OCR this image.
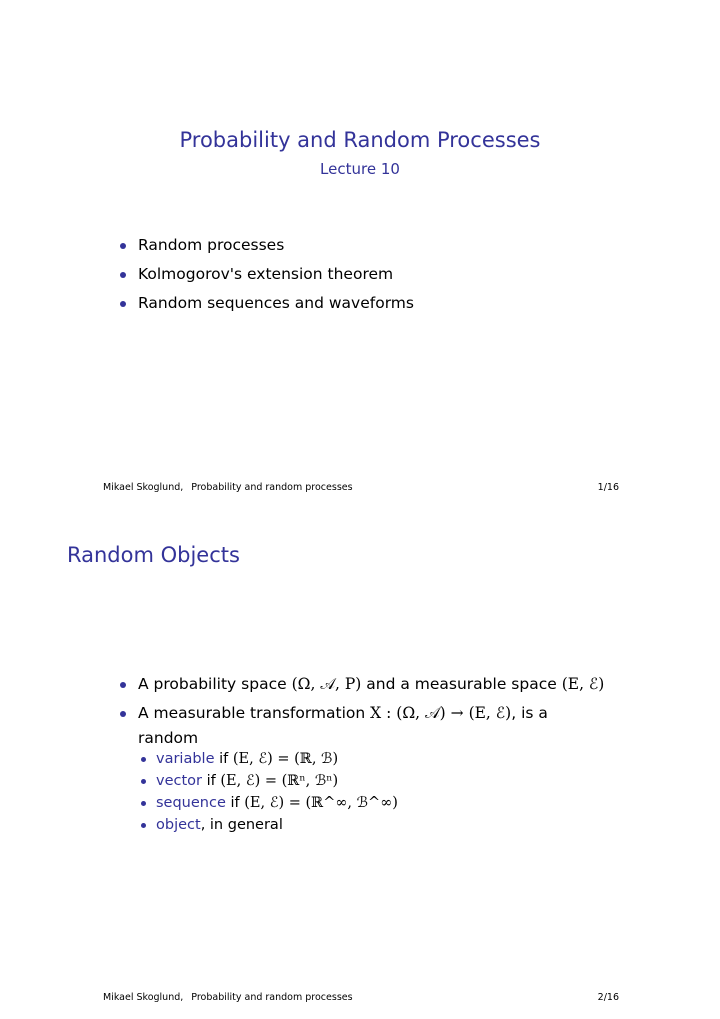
Probability and Random Processes
Lecture 10
Random processes
Kolmogorov's extension theorem
Random sequences and waveforms
Mikael Skoglund, Probability and random processes	1/16
Random Objects
A probability space (Ω, 𝒜, P) and a measurable space (E, ℰ)
A measurable transformation X : (Ω, 𝒜) → (E, ℰ), is a
random
variable if (E, ℰ) = (ℝ, ℬ)
vector if (E, ℰ) = (ℝⁿ, ℬⁿ)
sequence if (E, ℰ) = (ℝ^∞, ℬ^∞)
object, in general
Mikael Skoglund, Probability and random processes	2/16
